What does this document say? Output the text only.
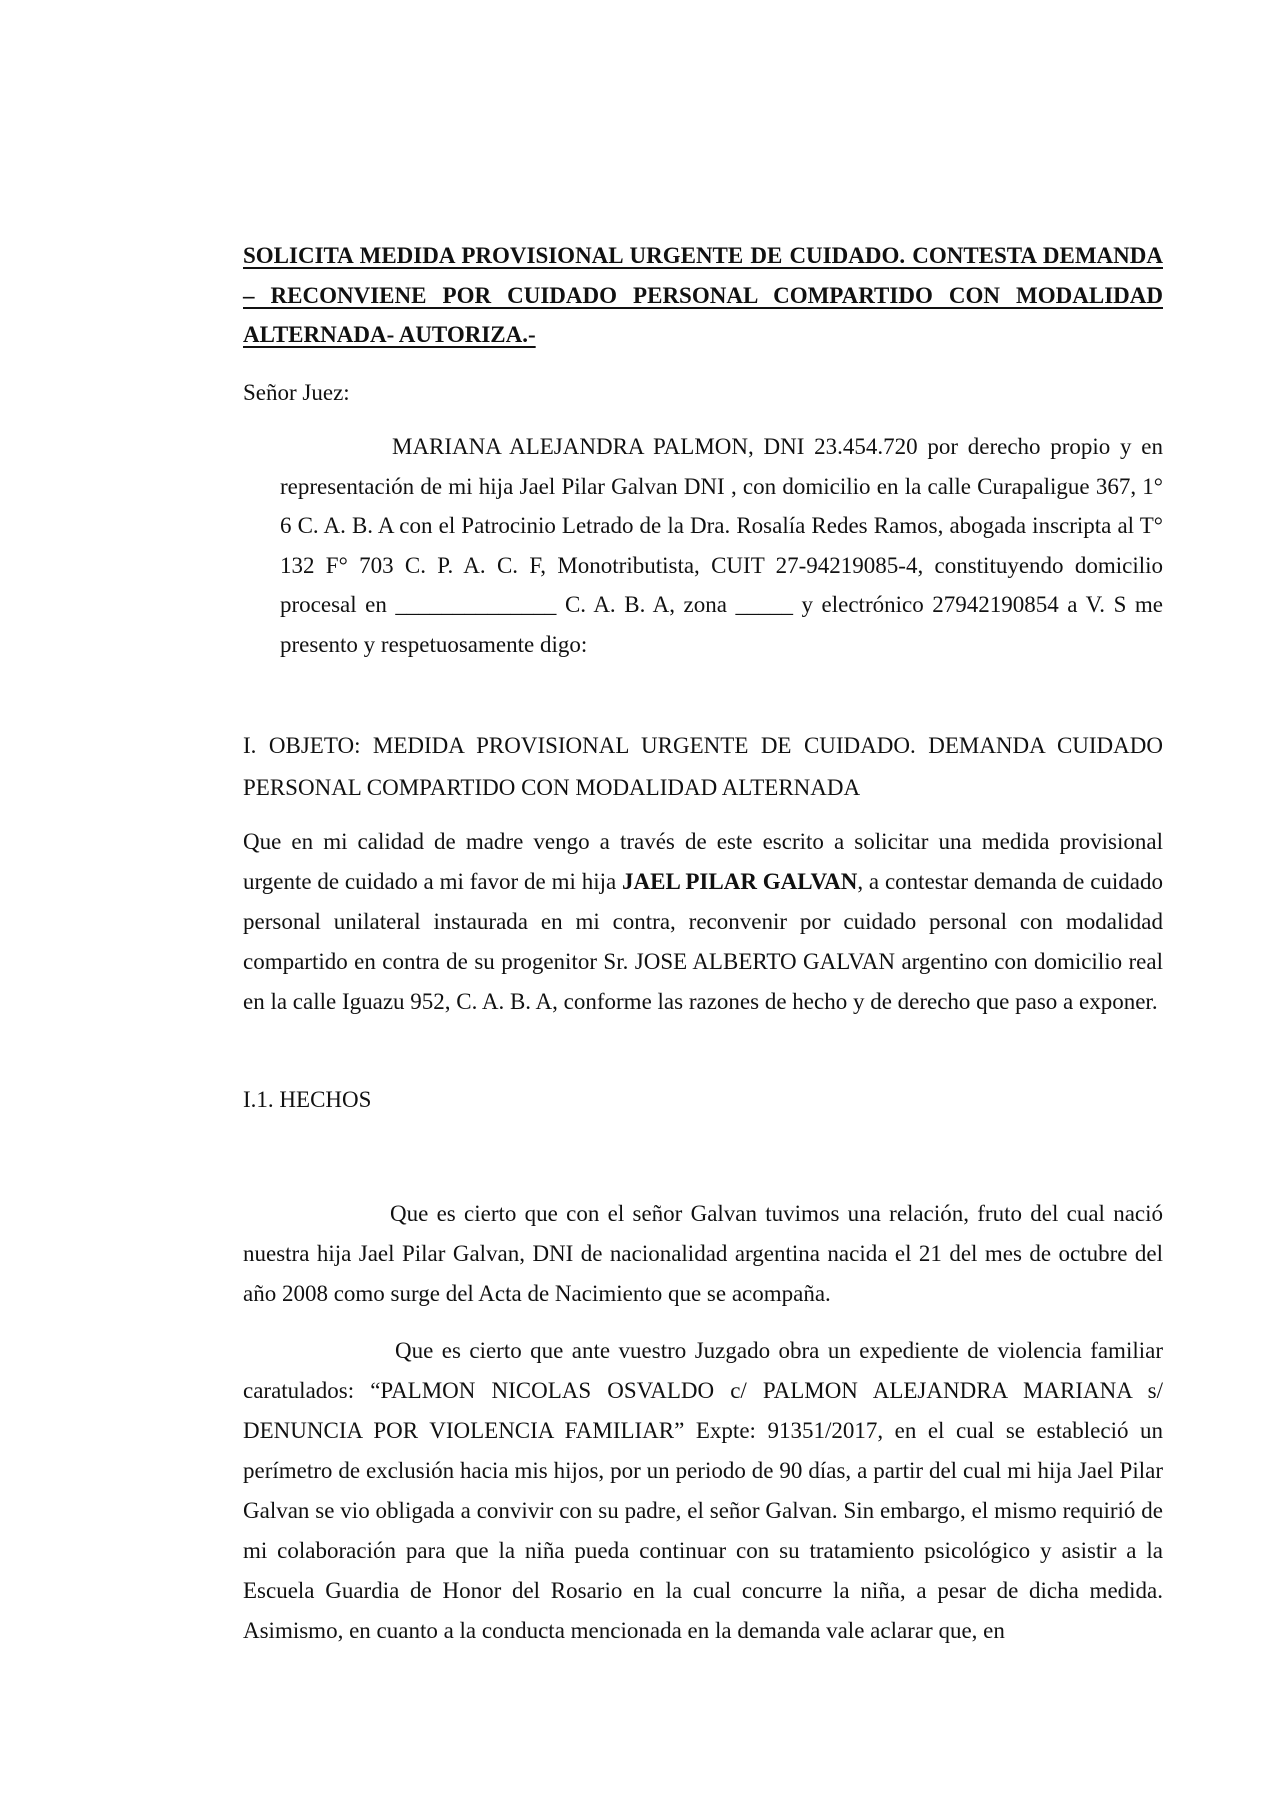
SOLICITA MEDIDA PROVISIONAL URGENTE DE CUIDADO. CONTESTA DEMANDA – RECONVIENE POR CUIDADO PERSONAL COMPARTIDO CON MODALIDAD ALTERNADA- AUTORIZA.-

Señor Juez:

MARIANA ALEJANDRA PALMON, DNI 23.454.720 por derecho propio y en representación de mi hija Jael Pilar Galvan DNI , con domicilio en la calle Curapaligue 367, 1° 6 C. A. B. A con el Patrocinio Letrado de la Dra. Rosalía Redes Ramos, abogada inscripta al T° 132 F° 703 C. P. A. C. F, Monotributista, CUIT 27-94219085-4, constituyendo domicilio procesal en ______________ C. A. B. A, zona _____ y electrónico 27942190854 a V. S me presento y respetuosamente digo:

I. OBJETO: MEDIDA PROVISIONAL URGENTE DE CUIDADO. DEMANDA CUIDADO PERSONAL COMPARTIDO CON MODALIDAD ALTERNADA

Que en mi calidad de madre vengo a través de este escrito a solicitar una medida provisional urgente de cuidado a mi favor de mi hija JAEL PILAR GALVAN, a contestar demanda de cuidado personal unilateral instaurada en mi contra, reconvenir por cuidado personal con modalidad compartido en contra de su progenitor Sr. JOSE ALBERTO GALVAN argentino con domicilio real en la calle Iguazu 952, C. A. B. A, conforme las razones de hecho y de derecho que paso a exponer.

I.1. HECHOS

Que es cierto que con el señor Galvan tuvimos una relación, fruto del cual nació nuestra hija Jael Pilar Galvan, DNI de nacionalidad argentina nacida el 21 del mes de octubre del año 2008 como surge del Acta de Nacimiento que se acompaña.

Que es cierto que ante vuestro Juzgado obra un expediente de violencia familiar caratulados: “PALMON NICOLAS OSVALDO c/ PALMON ALEJANDRA MARIANA s/ DENUNCIA POR VIOLENCIA FAMILIAR” Expte: 91351/2017, en el cual se estableció un perímetro de exclusión hacia mis hijos, por un periodo de 90 días, a partir del cual mi hija Jael Pilar Galvan se vio obligada a convivir con su padre, el señor Galvan. Sin embargo, el mismo requirió de mi colaboración para que la niña pueda continuar con su tratamiento psicológico y asistir a la Escuela Guardia de Honor del Rosario en la cual concurre la niña, a pesar de dicha medida. Asimismo, en cuanto a la conducta mencionada en la demanda vale aclarar que, en
